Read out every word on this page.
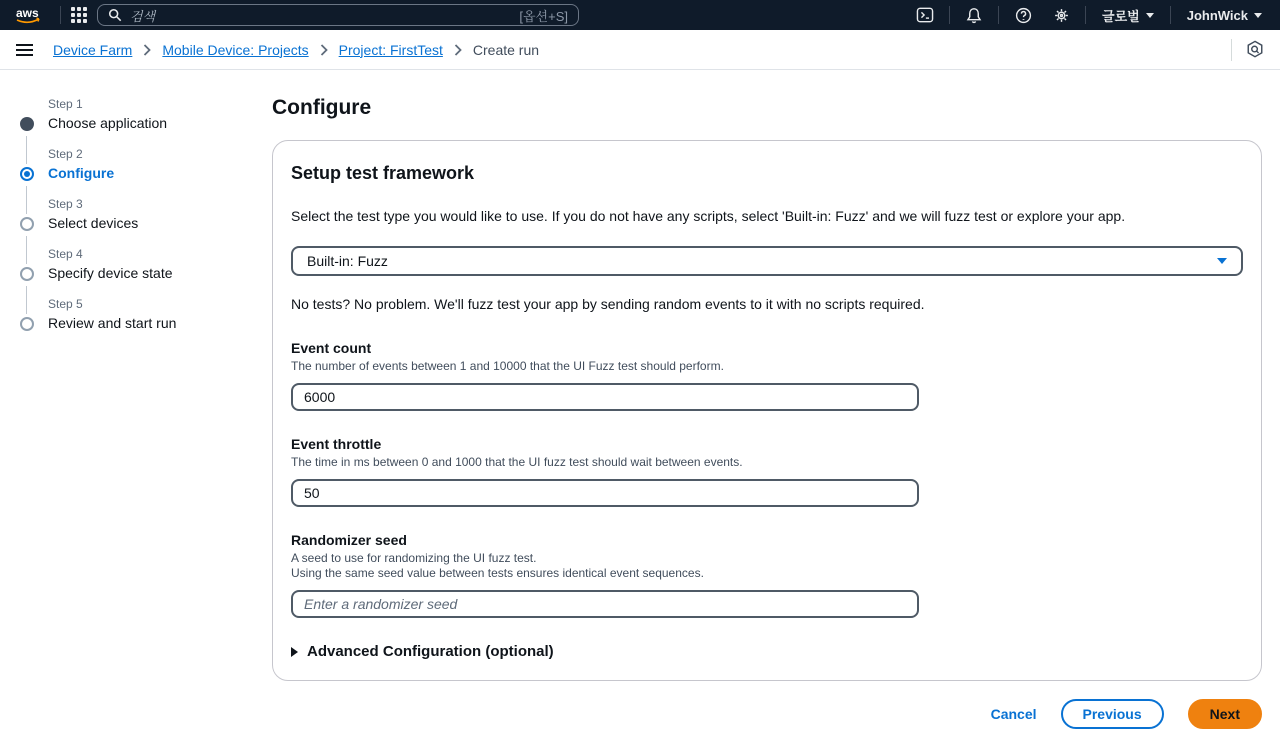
aws	검색	[옵션+S]	글로벌	JohnWick
Device Farm Mobile Device: Projects Project: FirstTest Create run
Step 1
Choose application
Step 2
Configure
Step 3
Select devices
Step 4
Specify device state
Step 5
Review and start run
Configure
Setup test framework
Select the test type you would like to use. If you do not have any scripts, select 'Built-in: Fuzz' and we will fuzz test or explore your app.
Built-in: Fuzz
No tests? No problem. We'll fuzz test your app by sending random events to it with no scripts required.
Event count
The number of events between 1 and 10000 that the UI Fuzz test should perform.
6000
Event throttle
The time in ms between 0 and 1000 that the UI fuzz test should wait between events.
50
Randomizer seed
A seed to use for randomizing the UI fuzz test.
Using the same seed value between tests ensures identical event sequences.
Enter a randomizer seed
Advanced Configuration (optional)
Cancel	Previous	Next
